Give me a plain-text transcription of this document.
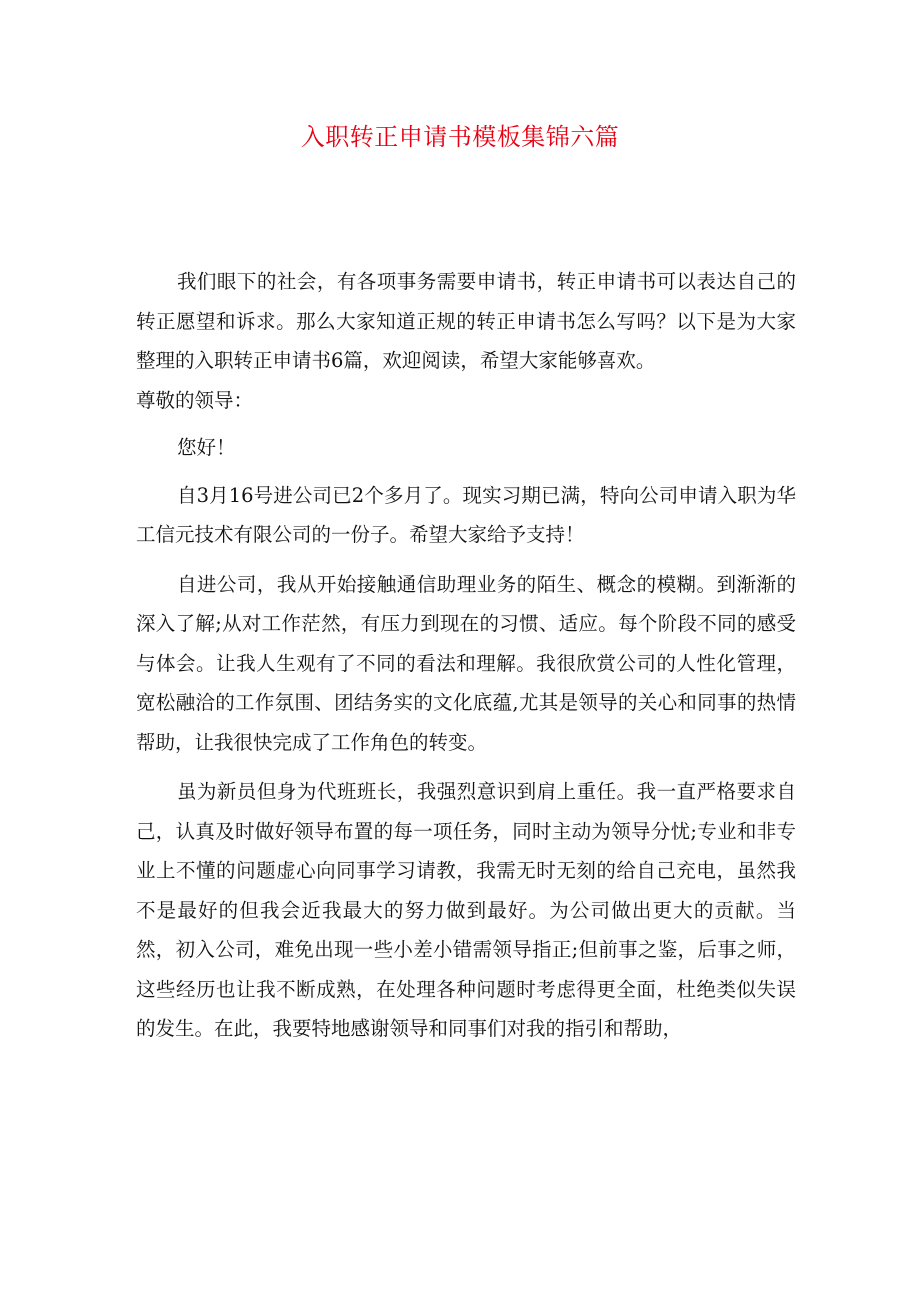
入职转正申请书模板集锦六篇

我们眼下的社会，有各项事务需要申请书，转正申请书可以表达自己的转正愿望和诉求。那么大家知道正规的转正申请书怎么写吗？以下是为大家整理的入职转正申请书6篇，欢迎阅读，希望大家能够喜欢。

尊敬的领导：

您好！

自3月16号进公司已2个多月了。现实习期已满，特向公司申请入职为华工信元技术有限公司的一份子。希望大家给予支持！

自进公司，我从开始接触通信助理业务的陌生、概念的模糊。到渐渐的深入了解;从对工作茫然，有压力到现在的习惯、适应。每个阶段不同的感受与体会。让我人生观有了不同的看法和理解。我很欣赏公司的人性化管理，宽松融洽的工作氛围、团结务实的文化底蕴,尤其是领导的关心和同事的热情帮助，让我很快完成了工作角色的转变。

虽为新员但身为代班班长，我强烈意识到肩上重任。我一直严格要求自己，认真及时做好领导布置的每一项任务，同时主动为领导分忧;专业和非专业上不懂的问题虚心向同事学习请教，我需无时无刻的给自己充电，虽然我不是最好的但我会近我最大的努力做到最好。为公司做出更大的贡献。当然，初入公司，难免出现一些小差小错需领导指正;但前事之鉴，后事之师，这些经历也让我不断成熟，在处理各种问题时考虑得更全面，杜绝类似失误的发生。在此，我要特地感谢领导和同事们对我的指引和帮助，
